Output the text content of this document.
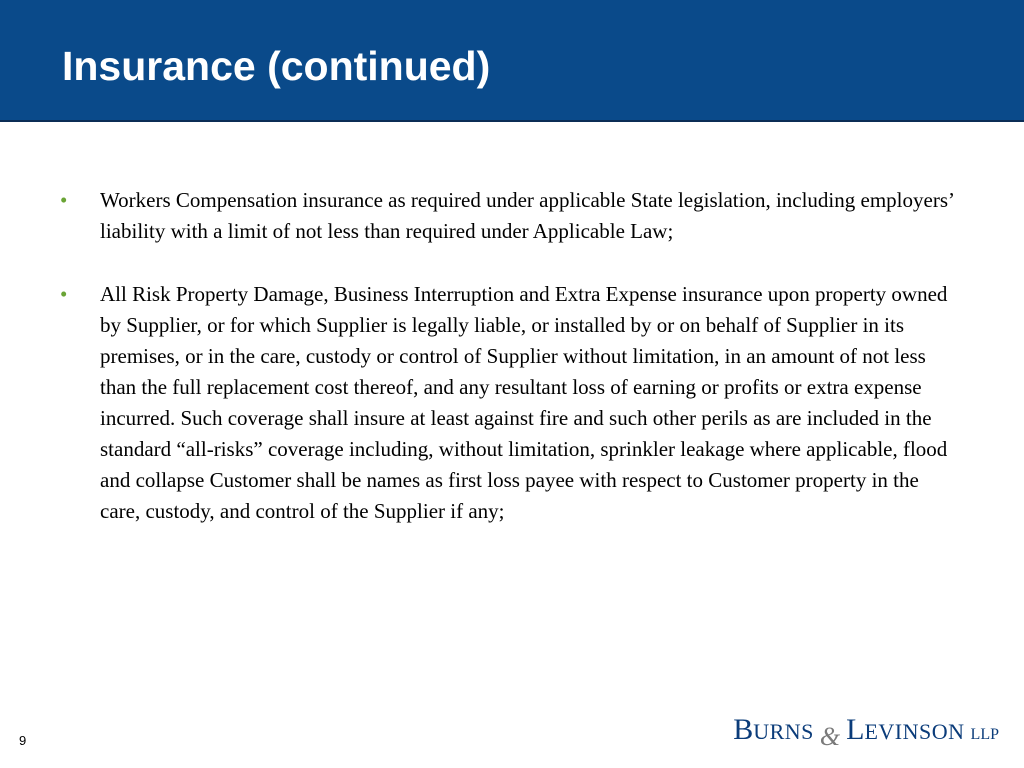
Insurance (continued)
• Workers Compensation insurance as required under applicable State legislation, including employers’ liability with a limit of not less than required under Applicable Law;
• All Risk Property Damage, Business Interruption and Extra Expense insurance upon property owned by Supplier, or for which Supplier is legally liable, or installed by or on behalf of Supplier in its premises, or in the care, custody or control of Supplier without limitation, in an amount of not less than the full replacement cost thereof, and any resultant loss of earning or profits or extra expense incurred. Such coverage shall insure at least against fire and such other perils as are included in the standard “all-risks” coverage including, without limitation, sprinkler leakage where applicable, flood and collapse Customer shall be names as first loss payee with respect to Customer property in the care, custody, and control of the Supplier if any;
9	B URNS & L EVINSON LLP
